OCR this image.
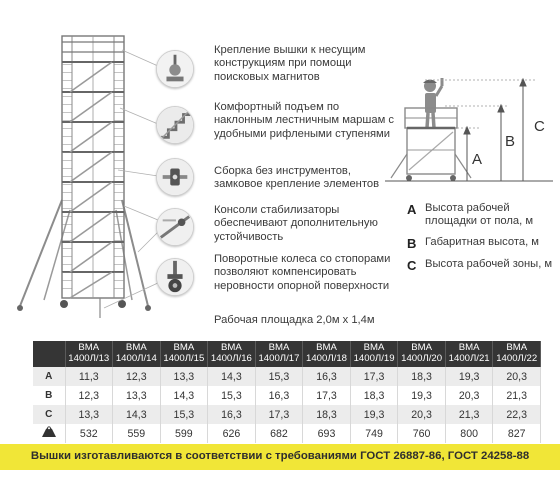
Крепление вышки к несущим конструкциям при помощи поисковых магнитов
Комфортный подъем по наклонным лестничным маршам с удобными рифлеными ступенями
Сборка без инструментов, замковое крепление элементов
Консоли стабилизаторы обеспечивают дополнительную устойчивость
Поворотные колеса со стопорами позволяют компенсировать неровности опорной поверхности
Рабочая площадка 2,0м x 1,4м
A
B
C
A Высота рабочей площадки от пола, м
B Габаритная высота, м
C Высота рабочей зоны, м
	ВМА 1400Л/13	ВМА 1400Л/14	ВМА 1400Л/15	ВМА 1400Л/16	ВМА 1400Л/17	ВМА 1400Л/18	ВМА 1400Л/19	ВМА 1400Л/20	ВМА 1400Л/21	ВМА 1400Л/22
A	11,3	12,3	13,3	14,3	15,3	16,3	17,3	18,3	19,3	20,3
B	12,3	13,3	14,3	15,3	16,3	17,3	18,3	19,3	20,3	21,3
C	13,3	14,3	15,3	16,3	17,3	18,3	19,3	20,3	21,3	22,3
	532	559	599	626	682	693	749	760	800	827
Вышки изготавливаются в соответствии с требованиями ГОСТ 26887-86, ГОСТ 24258-88
